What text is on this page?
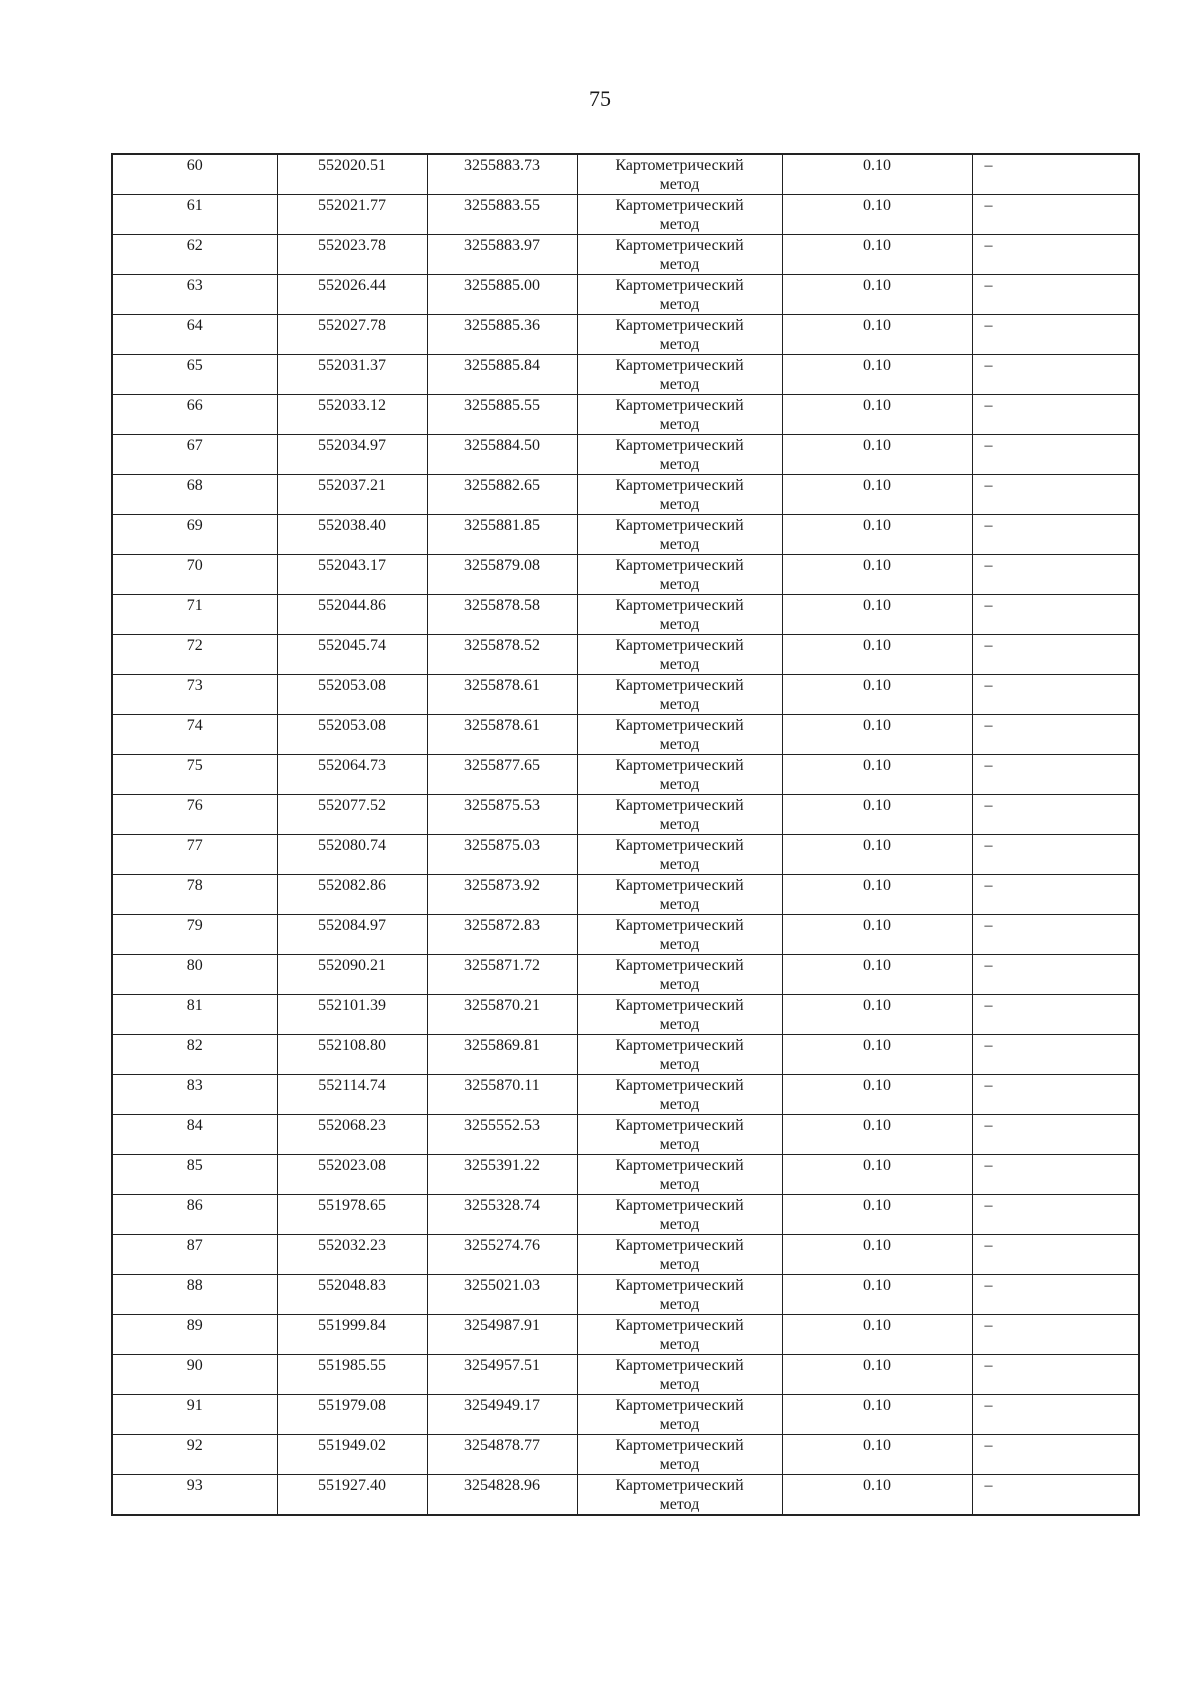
75
60	552020.51	3255883.73	Картометрический метод	0.10	–
61	552021.77	3255883.55	Картометрический метод	0.10	–
62	552023.78	3255883.97	Картометрический метод	0.10	–
63	552026.44	3255885.00	Картометрический метод	0.10	–
64	552027.78	3255885.36	Картометрический метод	0.10	–
65	552031.37	3255885.84	Картометрический метод	0.10	–
66	552033.12	3255885.55	Картометрический метод	0.10	–
67	552034.97	3255884.50	Картометрический метод	0.10	–
68	552037.21	3255882.65	Картометрический метод	0.10	–
69	552038.40	3255881.85	Картометрический метод	0.10	–
70	552043.17	3255879.08	Картометрический метод	0.10	–
71	552044.86	3255878.58	Картометрический метод	0.10	–
72	552045.74	3255878.52	Картометрический метод	0.10	–
73	552053.08	3255878.61	Картометрический метод	0.10	–
74	552053.08	3255878.61	Картометрический метод	0.10	–
75	552064.73	3255877.65	Картометрический метод	0.10	–
76	552077.52	3255875.53	Картометрический метод	0.10	–
77	552080.74	3255875.03	Картометрический метод	0.10	–
78	552082.86	3255873.92	Картометрический метод	0.10	–
79	552084.97	3255872.83	Картометрический метод	0.10	–
80	552090.21	3255871.72	Картометрический метод	0.10	–
81	552101.39	3255870.21	Картометрический метод	0.10	–
82	552108.80	3255869.81	Картометрический метод	0.10	–
83	552114.74	3255870.11	Картометрический метод	0.10	–
84	552068.23	3255552.53	Картометрический метод	0.10	–
85	552023.08	3255391.22	Картометрический метод	0.10	–
86	551978.65	3255328.74	Картометрический метод	0.10	–
87	552032.23	3255274.76	Картометрический метод	0.10	–
88	552048.83	3255021.03	Картометрический метод	0.10	–
89	551999.84	3254987.91	Картометрический метод	0.10	–
90	551985.55	3254957.51	Картометрический метод	0.10	–
91	551979.08	3254949.17	Картометрический метод	0.10	–
92	551949.02	3254878.77	Картометрический метод	0.10	–
93	551927.40	3254828.96	Картометрический метод	0.10	–
